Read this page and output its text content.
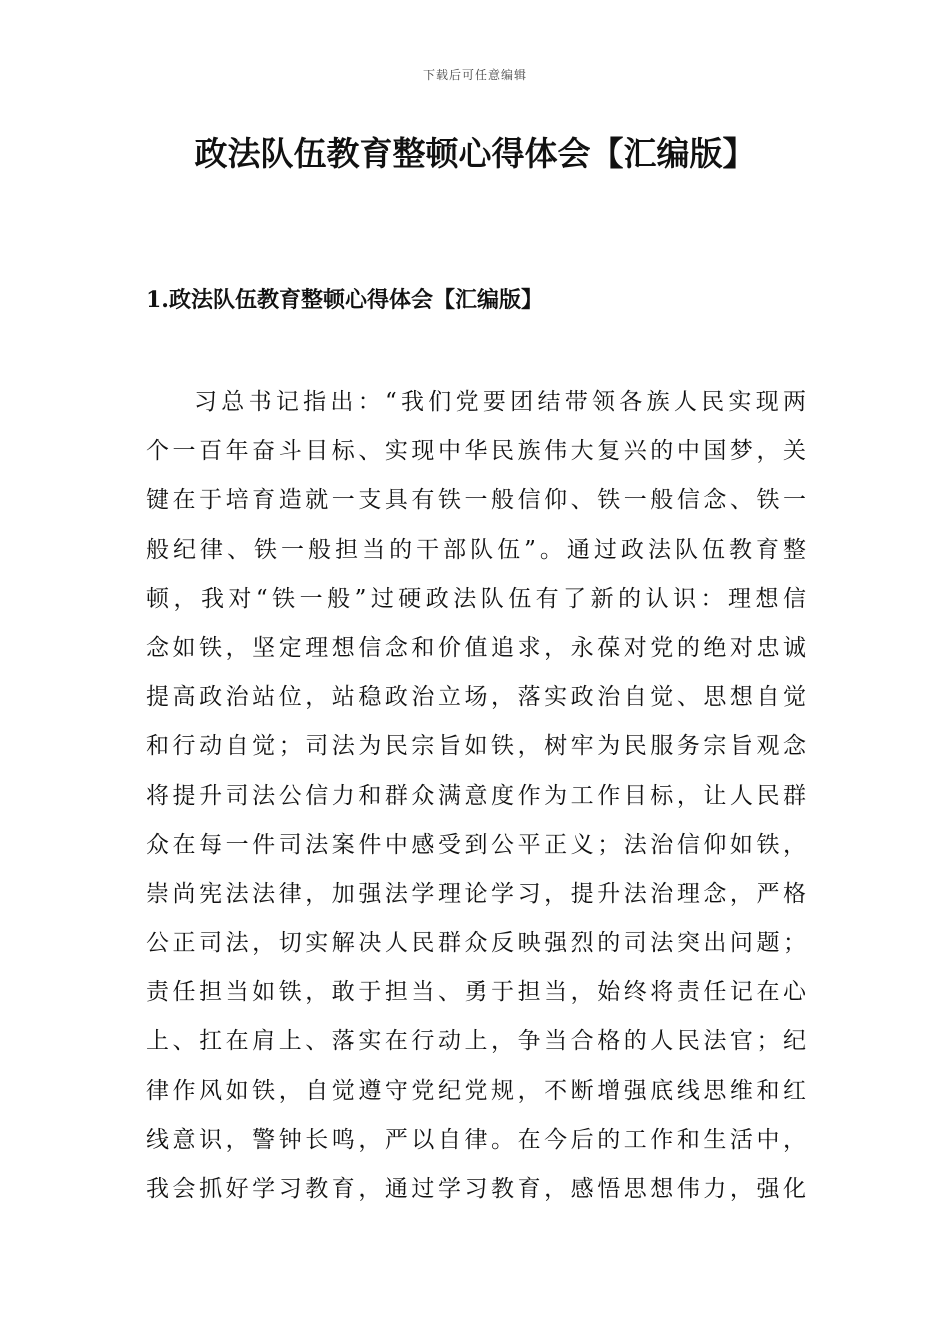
下载后可任意编辑
政法队伍教育整顿心得体会【汇编版】
1.政法队伍教育整顿心得体会【汇编版】
习总书记指出：“我们党要团结带领各族人民实现两
个一百年奋斗目标、实现中华民族伟大复兴的中国梦，关
键在于培育造就一支具有铁一般信仰、铁一般信念、铁一
般纪律、铁一般担当的干部队伍”。通过政法队伍教育整
顿，我对“铁一般”过硬政法队伍有了新的认识：理想信
念如铁，坚定理想信念和价值追求，永葆对党的绝对忠诚
提高政治站位，站稳政治立场，落实政治自觉、思想自觉
和行动自觉；司法为民宗旨如铁，树牢为民服务宗旨观念
将提升司法公信力和群众满意度作为工作目标，让人民群
众在每一件司法案件中感受到公平正义；法治信仰如铁，
崇尚宪法法律，加强法学理论学习，提升法治理念，严格
公正司法，切实解决人民群众反映强烈的司法突出问题；
责任担当如铁，敢于担当、勇于担当，始终将责任记在心
上、扛在肩上、落实在行动上，争当合格的人民法官；纪
律作风如铁，自觉遵守党纪党规，不断增强底线思维和红
线意识，警钟长鸣，严以自律。在今后的工作和生活中，
我会抓好学习教育，通过学习教育，感悟思想伟力，强化
